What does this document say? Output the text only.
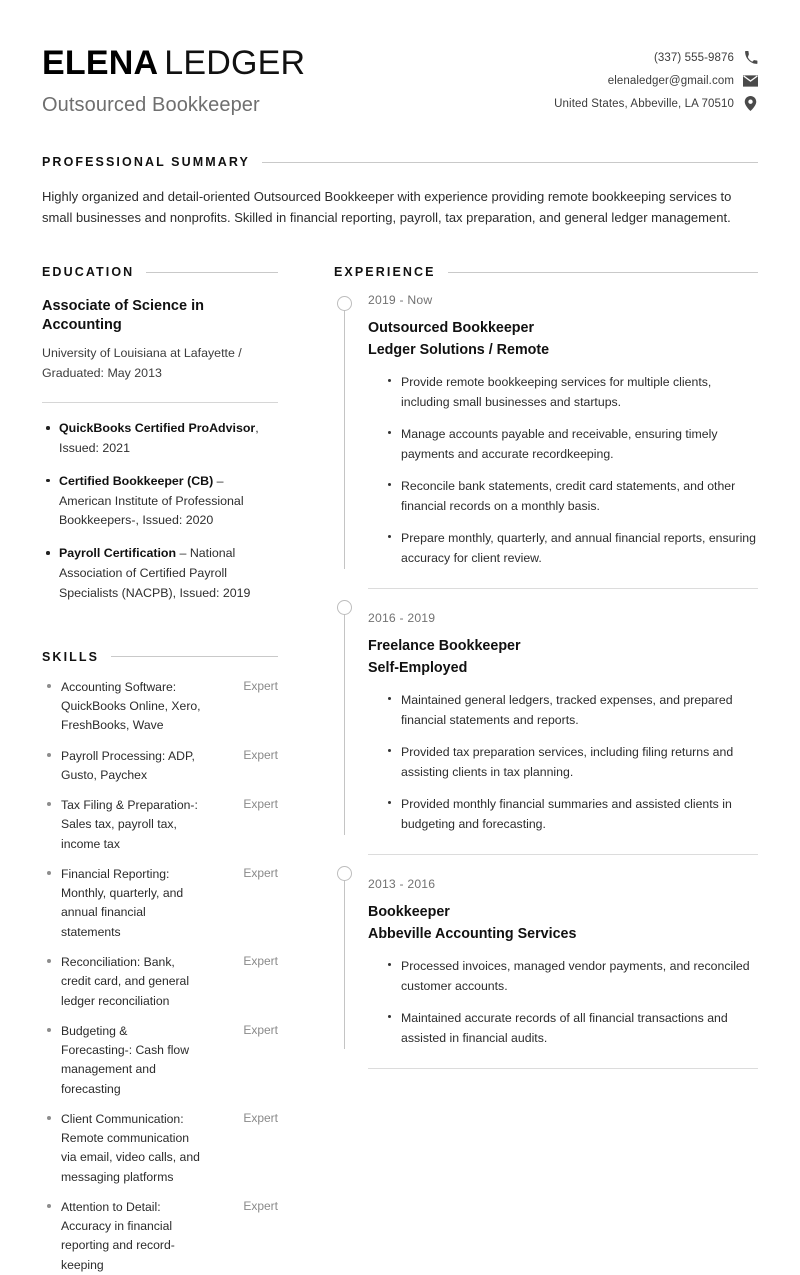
ELENA LEDGER
Outsourced Bookkeeper
(337) 555-9876
elenaledger@gmail.com
United States, Abbeville, LA 70510
PROFESSIONAL SUMMARY
Highly organized and detail-oriented Outsourced Bookkeeper with experience providing remote bookkeeping services to small businesses and nonprofits. Skilled in financial reporting, payroll, tax preparation, and general ledger management.
EDUCATION
Associate of Science in Accounting
University of Louisiana at Lafayette /
Graduated: May 2013
QuickBooks Certified ProAdvisor, Issued: 2021
Certified Bookkeeper (CB) – American Institute of Professional Bookkeepers-, Issued: 2020
Payroll Certification – National Association of Certified Payroll Specialists (NACPB), Issued: 2019
SKILLS
Accounting Software: QuickBooks Online, Xero, FreshBooks, Wave
Expert
Payroll Processing: ADP, Gusto, Paychex
Expert
Tax Filing & Preparation-: Sales tax, payroll tax, income tax
Expert
Financial Reporting: Monthly, quarterly, and annual financial statements
Expert
Reconciliation: Bank, credit card, and general ledger reconciliation
Expert
Budgeting & Forecasting-: Cash flow management and forecasting
Expert
Client Communication: Remote communication via email, video calls, and messaging platforms
Expert
Attention to Detail: Accuracy in financial reporting and record-keeping
Expert
EXPERIENCE
2019 - Now
Outsourced Bookkeeper
Ledger Solutions / Remote
Provide remote bookkeeping services for multiple clients, including small businesses and startups.
Manage accounts payable and receivable, ensuring timely payments and accurate recordkeeping.
Reconcile bank statements, credit card statements, and other financial records on a monthly basis.
Prepare monthly, quarterly, and annual financial reports, ensuring accuracy for client review.
2016 - 2019
Freelance Bookkeeper
Self-Employed
Maintained general ledgers, tracked expenses, and prepared financial statements and reports.
Provided tax preparation services, including filing returns and assisting clients in tax planning.
Provided monthly financial summaries and assisted clients in budgeting and forecasting.
2013 - 2016
Bookkeeper
Abbeville Accounting Services
Processed invoices, managed vendor payments, and reconciled customer accounts.
Maintained accurate records of all financial transactions and assisted in financial audits.
